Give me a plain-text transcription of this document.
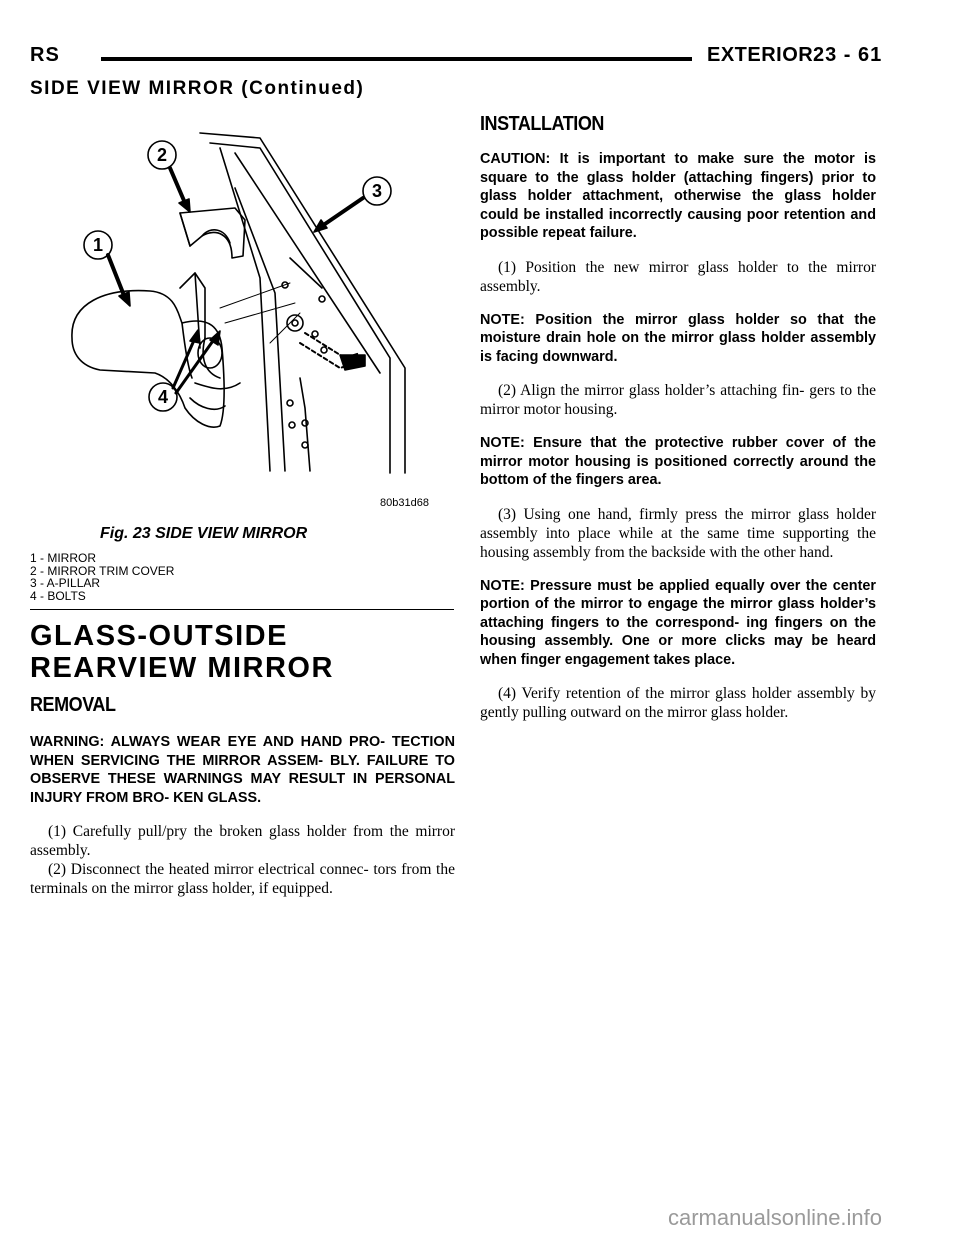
RS	EXTERIOR 23 - 61
SIDE VIEW MIRROR (Continued)
1
2
3
4
80b31d68
Fig. 23 SIDE VIEW MIRROR
1 - MIRROR
2 - MIRROR TRIM COVER
3 - A-PILLAR
4 - BOLTS
GLASS-OUTSIDE REARVIEW MIRROR
REMOVAL

WARNING: ALWAYS WEAR EYE AND HAND PRO- TECTION WHEN SERVICING THE MIRROR ASSEM- BLY. FAILURE TO OBSERVE THESE WARNINGS MAY RESULT IN PERSONAL INJURY FROM BRO- KEN GLASS.

(1) Carefully pull/pry the broken glass holder from the mirror assembly.

(2) Disconnect the heated mirror electrical connec- tors from the terminals on the mirror glass holder, if equipped.

INSTALLATION

CAUTION: It is important to make sure the motor is square to the glass holder (attaching fingers) prior to glass holder attachment, otherwise the glass holder could be installed incorrectly causing poor retention and possible repeat failure.

(1) Position the new mirror glass holder to the mirror assembly.

NOTE: Position the mirror glass holder so that the moisture drain hole on the mirror glass holder assembly is facing downward.

(2) Align the mirror glass holder’s attaching fin- gers to the mirror motor housing.

NOTE: Ensure that the protective rubber cover of the mirror motor housing is positioned correctly around the bottom of the fingers area.

(3) Using one hand, firmly press the mirror glass holder assembly into place while at the same time supporting the housing assembly from the backside with the other hand.

NOTE: Pressure must be applied equally over the center portion of the mirror to engage the mirror glass holder’s attaching fingers to the correspond- ing fingers on the housing assembly. One or more clicks may be heard when finger engagement takes place.

(4) Verify retention of the mirror glass holder assembly by gently pulling outward on the mirror glass holder.

carmanualsonline.info
